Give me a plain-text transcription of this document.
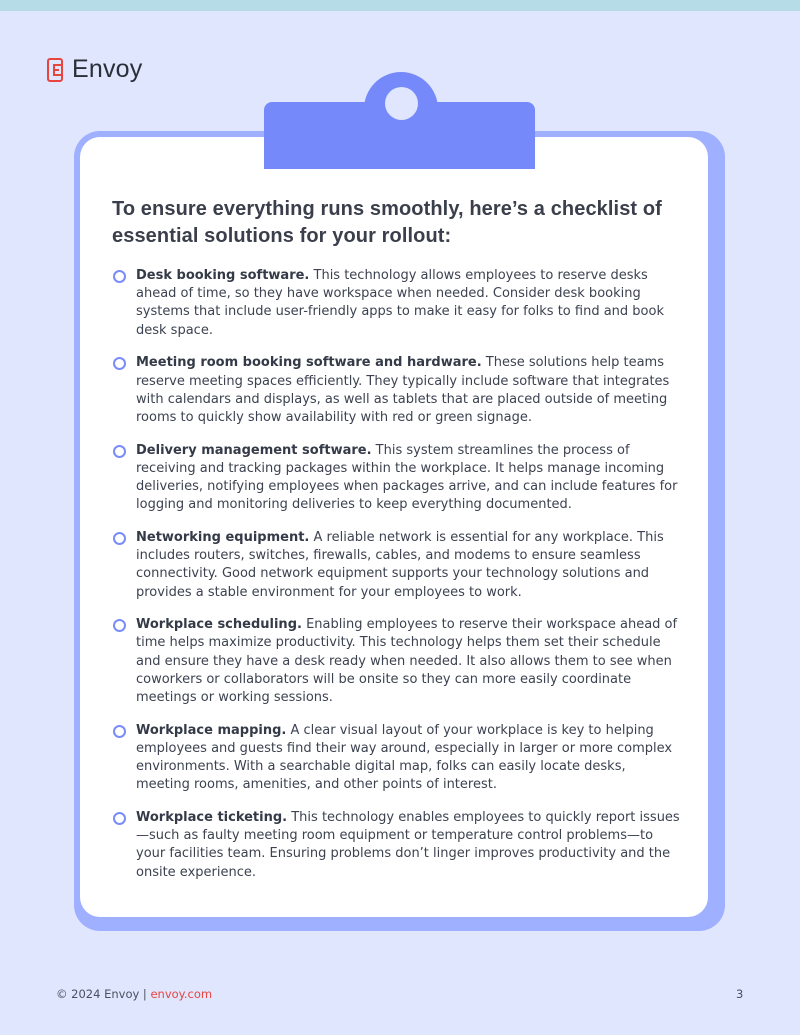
Envoy
To ensure everything runs smoothly, here’s a checklist of essential solutions for your rollout:
Desk booking software. This technology allows employees to reserve desks ahead of time, so they have workspace when needed. Consider desk booking systems that include user-friendly apps to make it easy for folks to find and book desk space.
Meeting room booking software and hardware. These solutions help teams reserve meeting spaces efficiently. They typically include software that integrates with calendars and displays, as well as tablets that are placed outside of meeting rooms to quickly show availability with red or green signage.
Delivery management software. This system streamlines the process of receiving and tracking packages within the workplace. It helps manage incoming deliveries, notifying employees when packages arrive, and can include features for logging and monitoring deliveries to keep everything documented.
Networking equipment. A reliable network is essential for any workplace. This includes routers, switches, firewalls, cables, and modems to ensure seamless connectivity. Good network equipment supports your technology solutions and provides a stable environment for your employees to work.
Workplace scheduling. Enabling employees to reserve their workspace ahead of time helps maximize productivity. This technology helps them set their schedule and ensure they have a desk ready when needed. It also allows them to see when coworkers or collaborators will be onsite so they can more easily coordinate meetings or working sessions.
Workplace mapping. A clear visual layout of your workplace is key to helping employees and guests find their way around, especially in larger or more complex environments. With a searchable digital map, folks can easily locate desks, meeting rooms, amenities, and other points of interest.
Workplace ticketing. This technology enables employees to quickly report issues—such as faulty meeting room equipment or temperature control problems—to your facilities team. Ensuring problems don’t linger improves productivity and the onsite experience.
© 2024 Envoy | envoy.com	3
